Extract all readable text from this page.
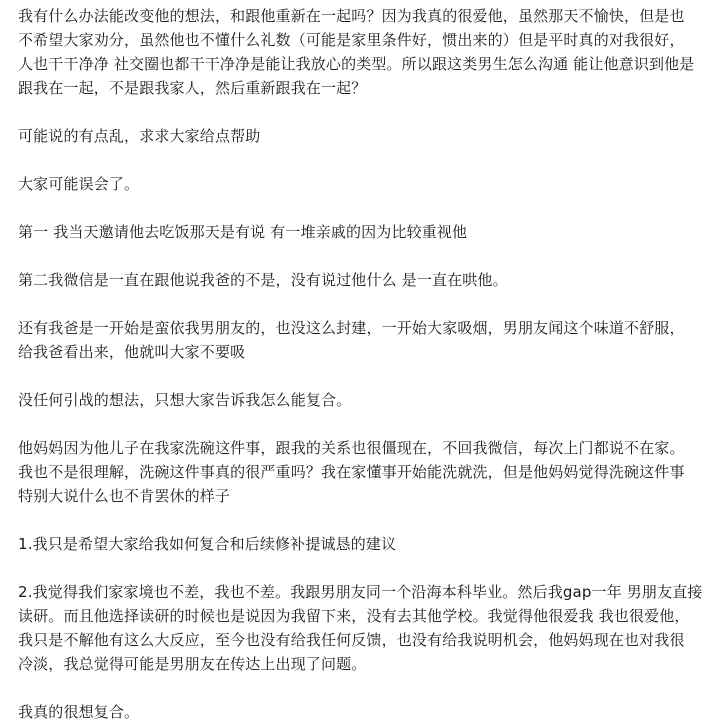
我有什么办法能改变他的想法，和跟他重新在一起吗？因为我真的很爱他，虽然那天不愉快，但是也
不希望大家劝分，虽然他也不懂什么礼数（可能是家里条件好，惯出来的）但是平时真的对我很好，
人也干干净净 社交圈也都干干净净是能让我放心的类型。所以跟这类男生怎么沟通 能让他意识到他是
跟我在一起，不是跟我家人，然后重新跟我在一起？

可能说的有点乱，求求大家给点帮助

大家可能误会了。

第一 我当天邀请他去吃饭那天是有说 有一堆亲戚的因为比较重视他

第二我微信是一直在跟他说我爸的不是，没有说过他什么 是一直在哄他。

还有我爸是一开始是蛮依我男朋友的，也没这么封建，一开始大家吸烟，男朋友闻这个味道不舒服，
给我爸看出来，他就叫大家不要吸

没任何引战的想法，只想大家告诉我怎么能复合。

他妈妈因为他儿子在我家洗碗这件事，跟我的关系也很僵现在，不回我微信，每次上门都说不在家。
我也不是很理解，洗碗这件事真的很严重吗？我在家懂事开始能洗就洗，但是他妈妈觉得洗碗这件事
特别大说什么也不肯罢休的样子

1.我只是希望大家给我如何复合和后续修补提诚恳的建议

2.我觉得我们家家境也不差，我也不差。我跟男朋友同一个沿海本科毕业。然后我gap一年 男朋友直接
读研。而且他选择读研的时候也是说因为我留下来，没有去其他学校。我觉得他很爱我 我也很爱他，
我只是不解他有这么大反应，至今也没有给我任何反馈，也没有给我说明机会，他妈妈现在也对我很
冷淡，我总觉得可能是男朋友在传达上出现了问题。

我真的很想复合。
